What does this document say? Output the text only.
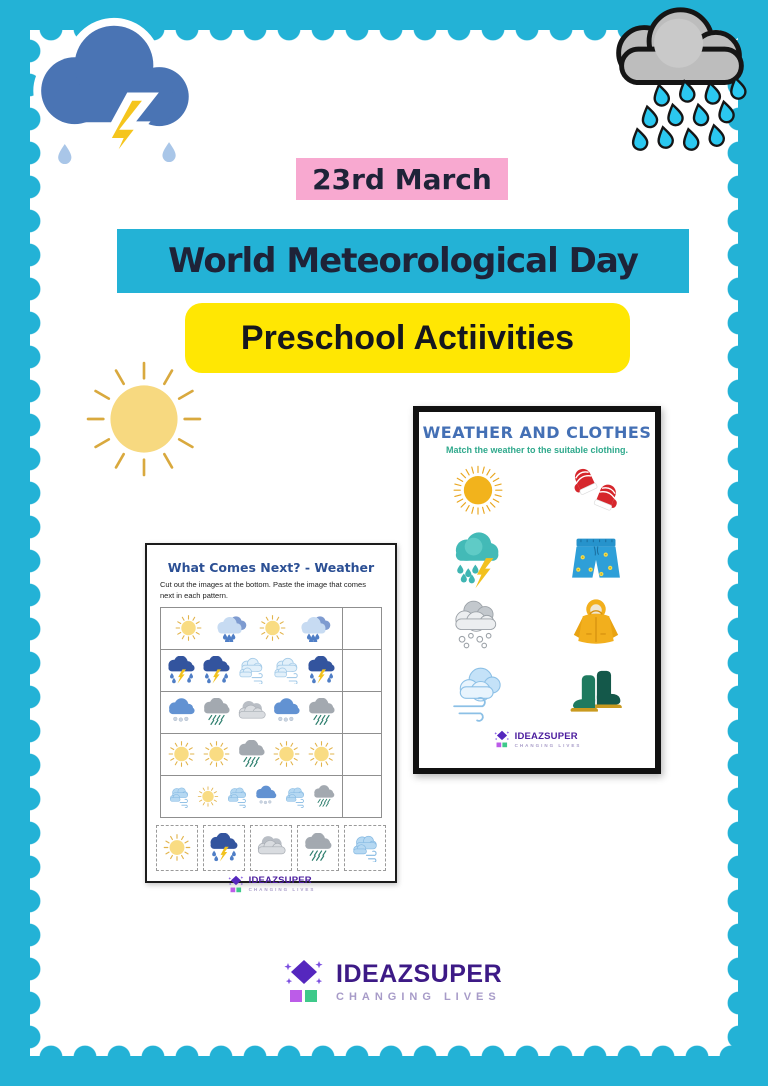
23rd March
World Meteorological Day
Preschool Actiivities
What Comes Next? - Weather
Cut out the images at the bottom. Paste the image that comes next in each pattern.
IDEAZSUPER
CHANGING LIVES
WEATHER AND CLOTHES
Match the weather to the suitable clothing.
IDEAZSUPER
CHANGING LIVES
IDEAZSUPER
CHANGING LIVES
